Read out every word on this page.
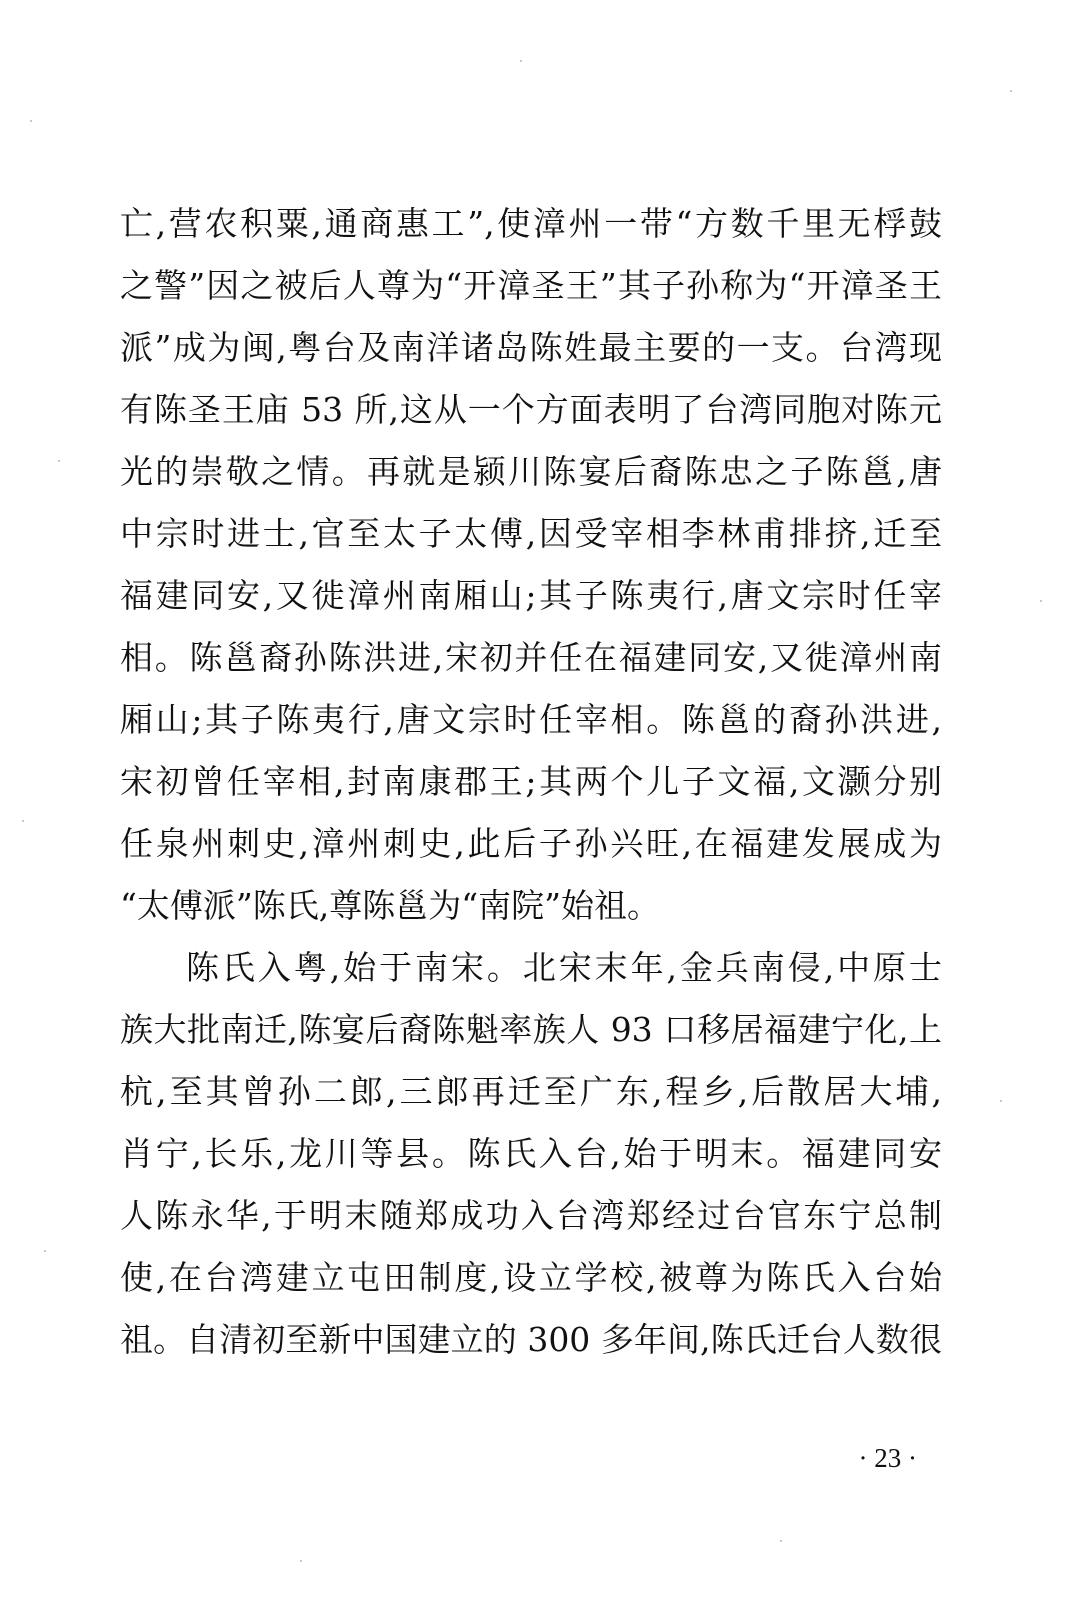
亡,营农积粟,通商惠工”,使漳州一带“方数千里无桴鼓
之警”因之被后人尊为“开漳圣王”其子孙称为“开漳圣王
派”成为闽,粤台及南洋诸岛陈姓最主要的一支。台湾现
有陈圣王庙 53 所,这从一个方面表明了台湾同胞对陈元
光的崇敬之情。再就是颍川陈宴后裔陈忠之子陈邕,唐
中宗时进士,官至太子太傅,因受宰相李林甫排挤,迁至
福建同安,又徙漳州南厢山;其子陈夷行,唐文宗时任宰
相。陈邕裔孙陈洪进,宋初并任在福建同安,又徙漳州南
厢山;其子陈夷行,唐文宗时任宰相。陈邕的裔孙洪进,
宋初曾任宰相,封南康郡王;其两个儿子文福,文灏分别
任泉州刺史,漳州刺史,此后子孙兴旺,在福建发展成为
“太傅派”陈氏,尊陈邕为“南院”始祖。
陈氏入粤,始于南宋。北宋末年,金兵南侵,中原士
族大批南迁,陈宴后裔陈魁率族人 93 口移居福建宁化,上
杭,至其曾孙二郎,三郎再迁至广东,程乡,后散居大埔,
肖宁,长乐,龙川等县。陈氏入台,始于明末。福建同安
人陈永华,于明末随郑成功入台湾郑经过台官东宁总制
使,在台湾建立屯田制度,设立学校,被尊为陈氏入台始
祖。自清初至新中国建立的 300 多年间,陈氏迁台人数很
· 23 ·
